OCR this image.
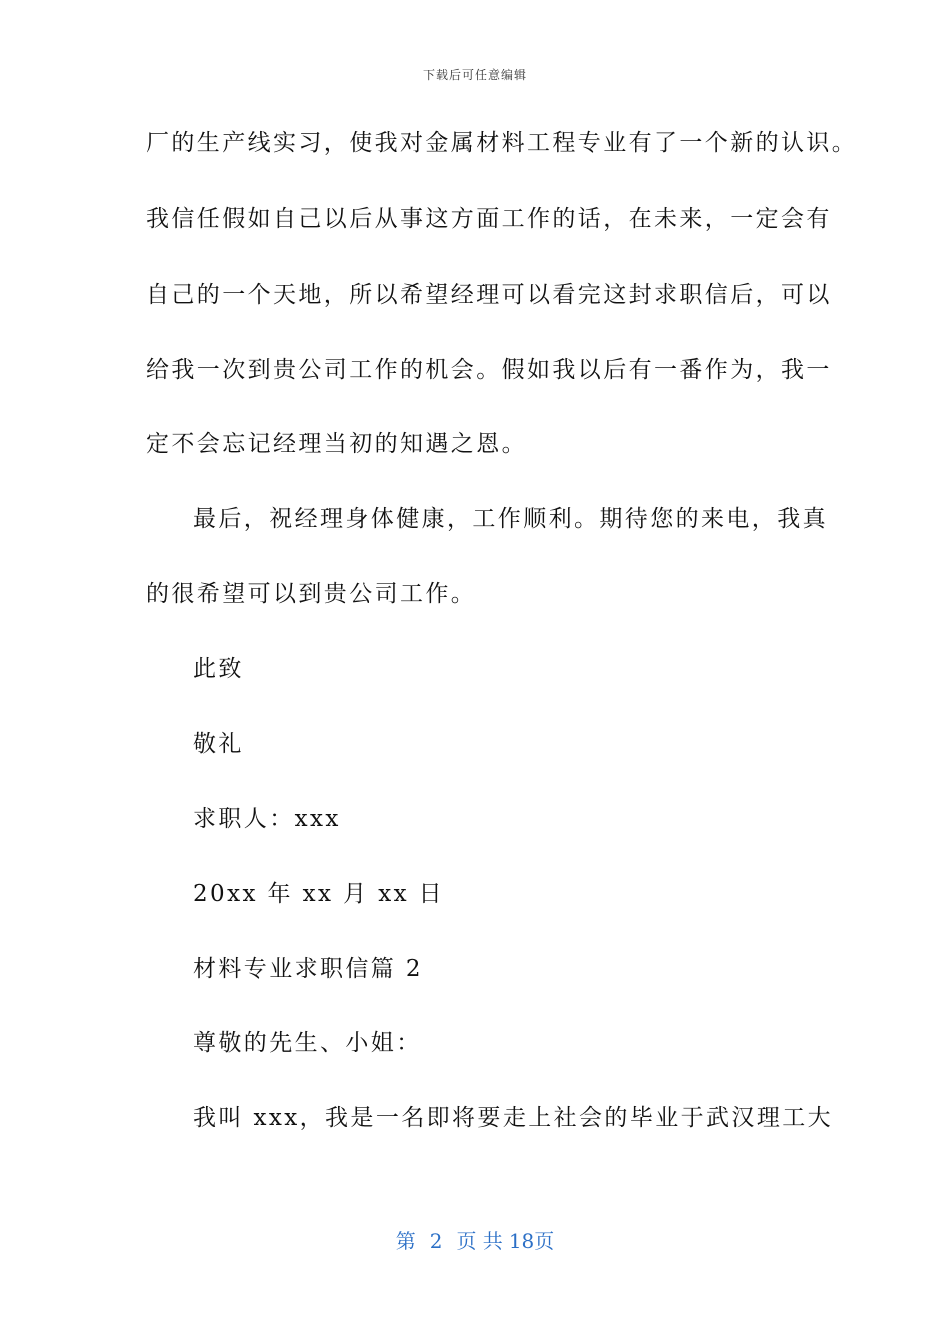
下载后可任意编辑
厂的生产线实习，使我对金属材料工程专业有了一个新的认识。
我信任假如自己以后从事这方面工作的话，在未来，一定会有
自己的一个天地，所以希望经理可以看完这封求职信后，可以
给我一次到贵公司工作的机会。假如我以后有一番作为，我一
定不会忘记经理当初的知遇之恩。
最后，祝经理身体健康，工作顺利。期待您的来电，我真
的很希望可以到贵公司工作。
此致
敬礼
求职人：xxx
20xx 年 xx 月 xx 日
材料专业求职信篇 2
尊敬的先生、小姐：
我叫 xxx，我是一名即将要走上社会的毕业于武汉理工大
第 2 页 共 18页
